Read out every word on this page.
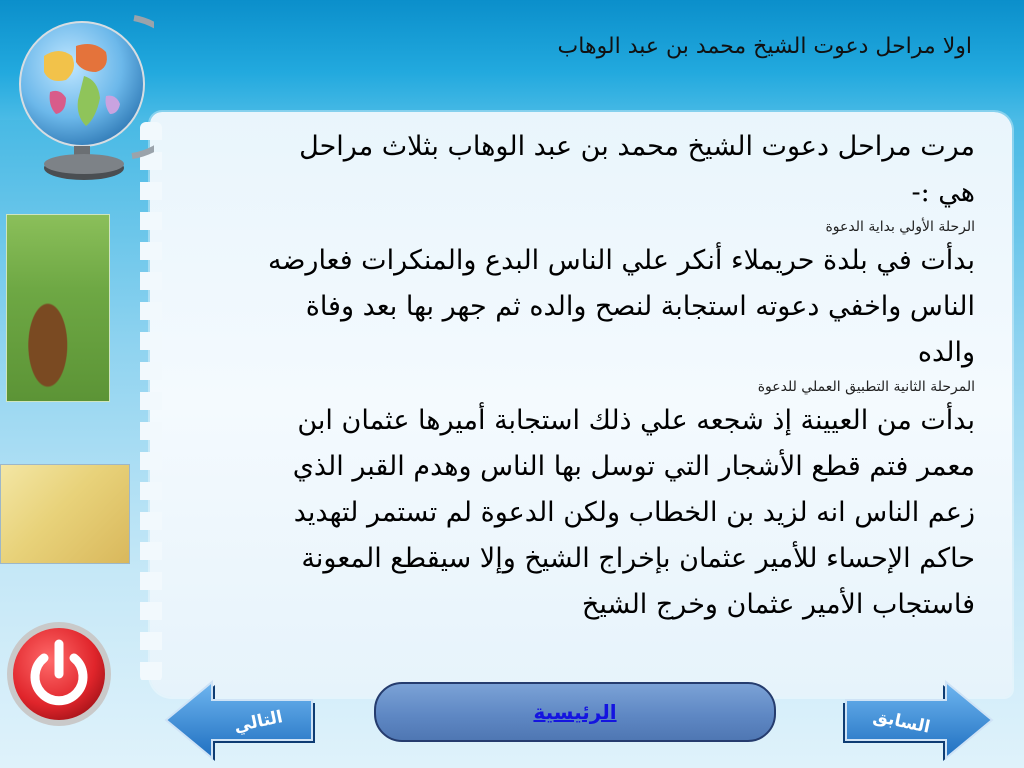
اولا مراحل دعوت الشيخ محمد بن عبد الوهاب
مرت مراحل دعوت الشيخ محمد بن عبد الوهاب بثلاث مراحل
هي :-
الرحلة الأولي بداية الدعوة
بدأت في بلدة حريملاء أنكر علي الناس البدع والمنكرات فعارضه
الناس واخفي دعوته استجابة لنصح والده ثم جهر بها بعد وفاة
والده
المرحلة الثانية التطبيق العملي للدعوة
بدأت من العيينة إذ شجعه علي ذلك استجابة أميرها عثمان ابن
معمر فتم قطع الأشجار التي توسل بها الناس وهدم القبر الذي
زعم الناس انه لزيد بن الخطاب ولكن الدعوة لم تستمر لتهديد
حاكم الإحساء للأمير عثمان بإخراج الشيخ وإلا سيقطع المعونة
فاستجاب الأمير عثمان وخرج الشيخ
التالي	الرئيسية	السابق
